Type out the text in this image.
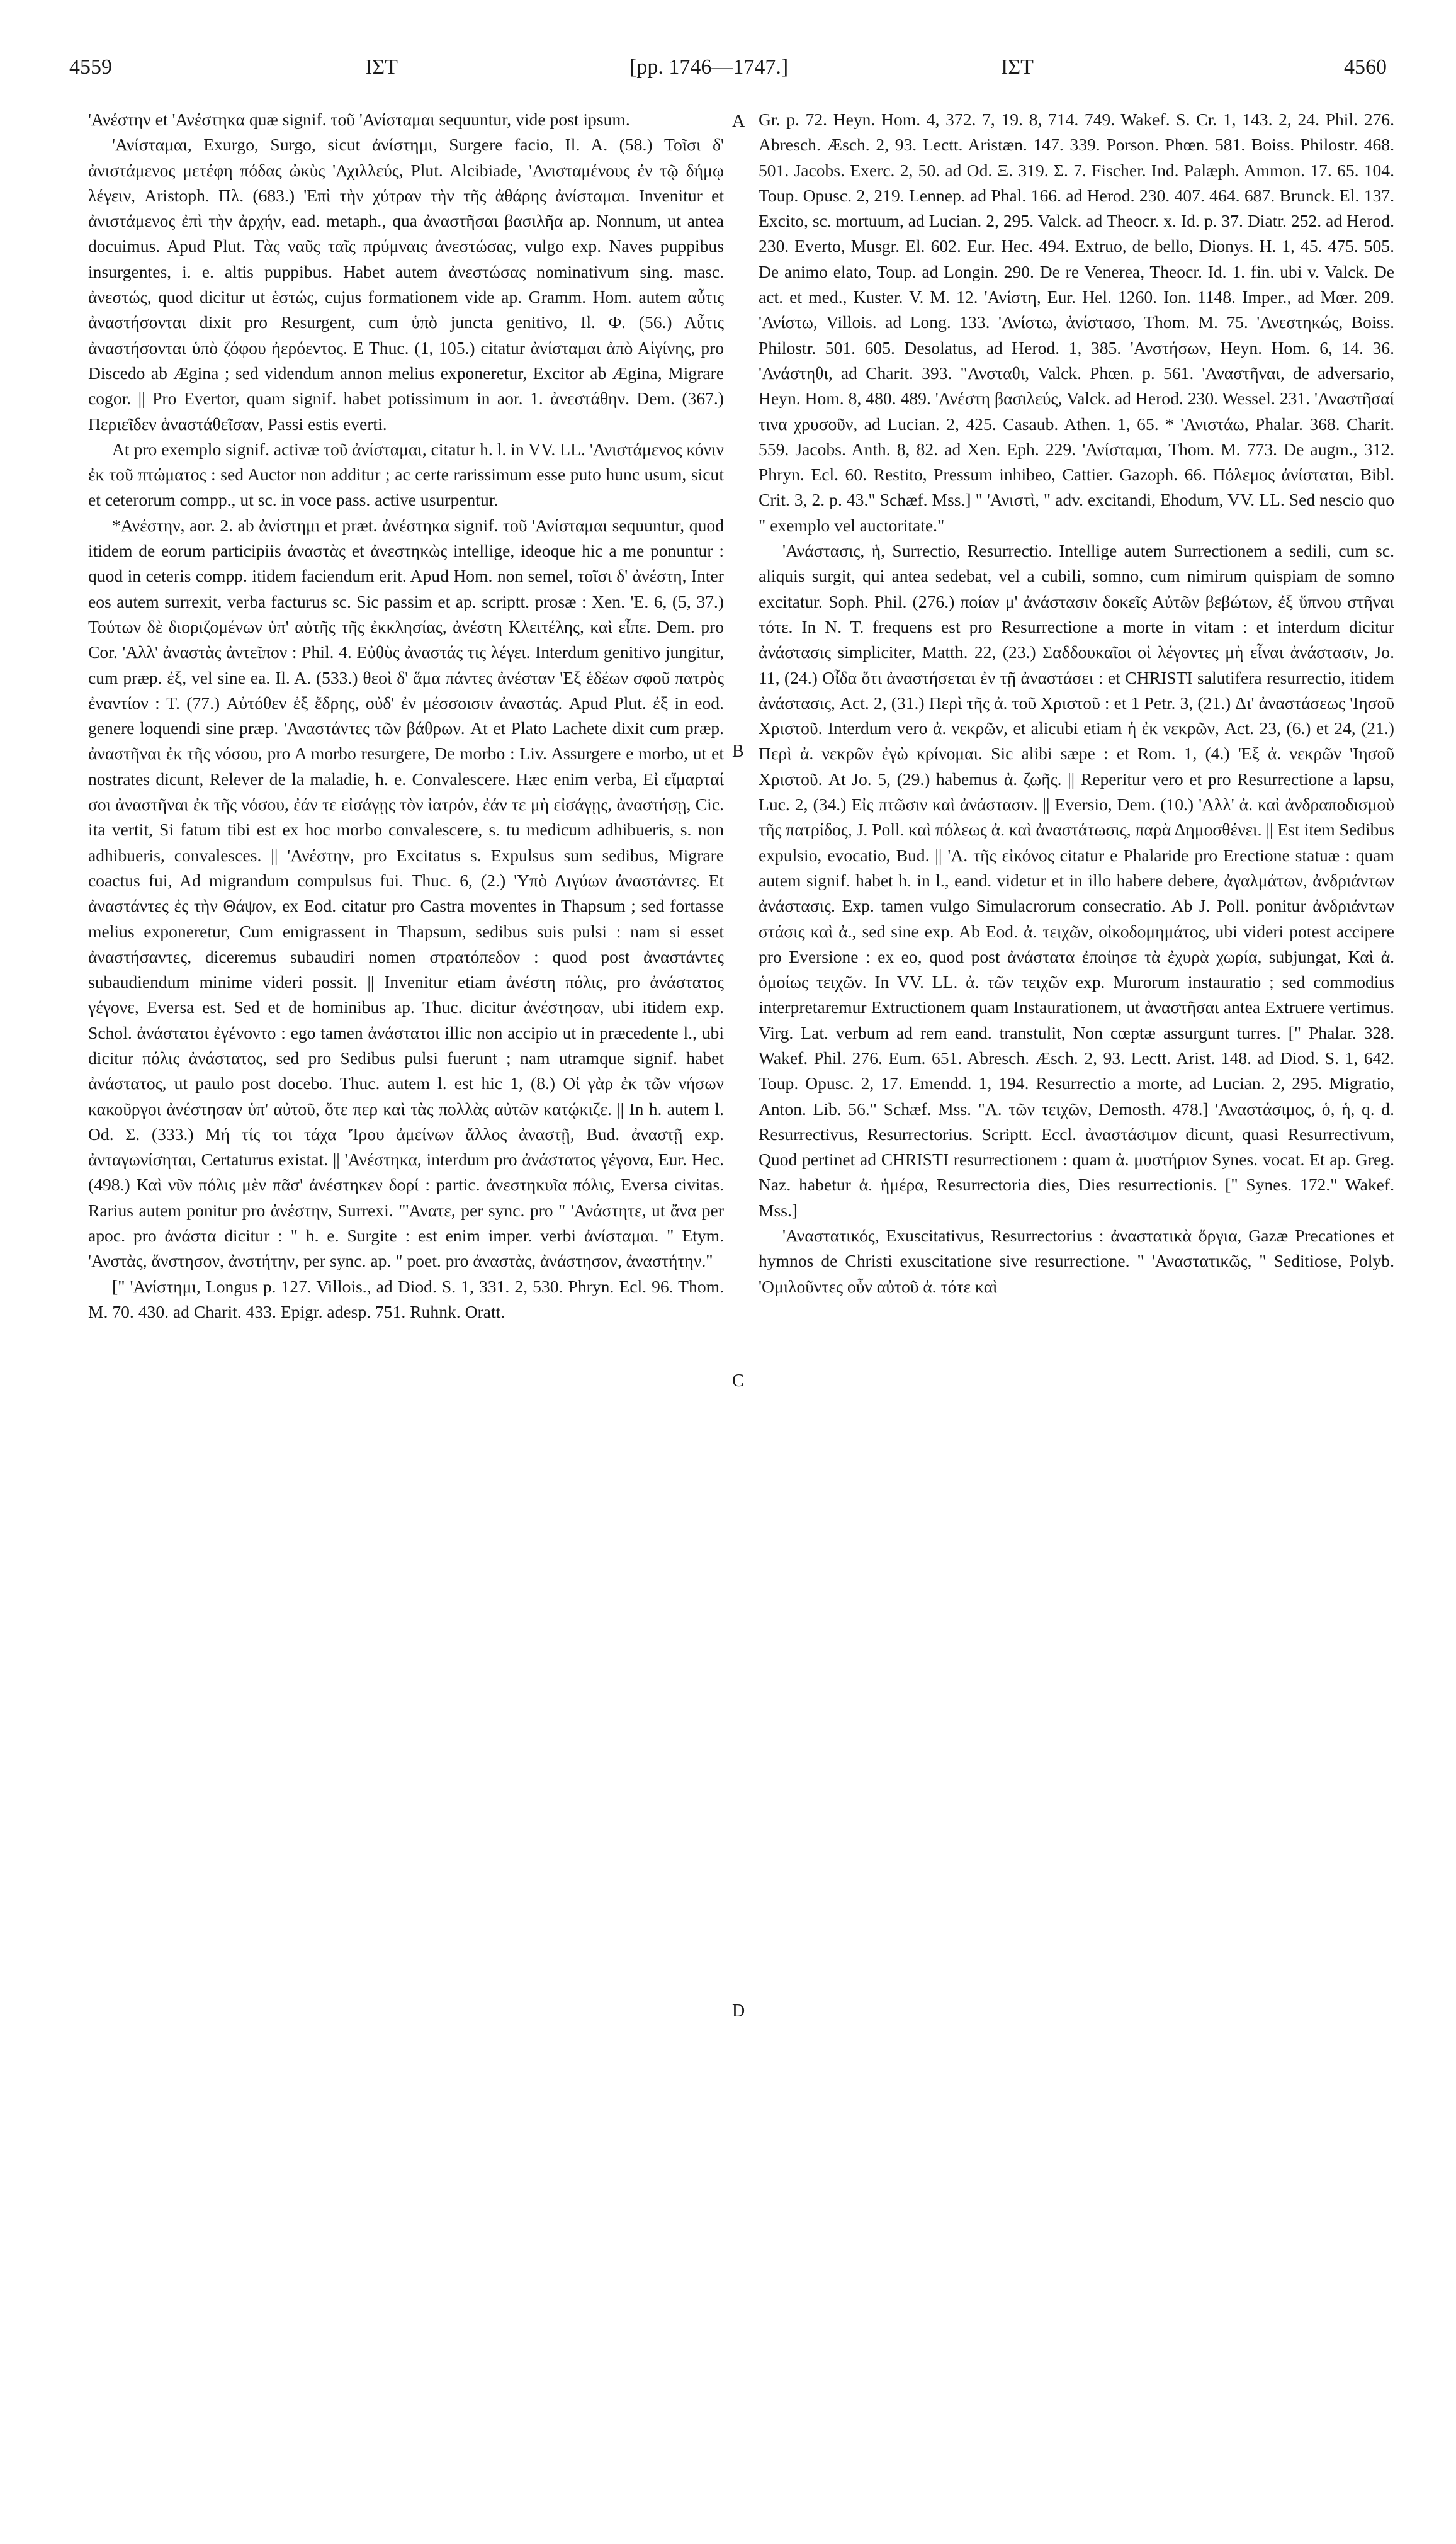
4559	ΙΣΤ	[pp. 1746—1747.]	ΙΣΤ	4560

'Ανέστην et 'Ανέστηκα quæ signif. τοῦ 'Ανίσταμαι sequuntur, vide post ipsum.

'Ανίσταμαι, Exurgo, Surgo, sicut ἀνίστημι, Surgere facio, Il. A. (58.) Τοῖσι δ' ἀνιστάμενος μετέφη πόδας ὠκὺς 'Αχιλλεύς, Plut. Alcibiade, 'Ανισταμένους ἐν τῷ δήμῳ λέγειν, Aristoph. Πλ. (683.) 'Επὶ τὴν χύτραν τὴν τῆς ἀθάρης ἀνίσταμαι. Invenitur et ἀνιστάμενος ἐπὶ τὴν ἀρχήν, ead. metaph., qua ἀναστῆσαι βασιλῆα ap. Nonnum, ut antea docuimus. Apud Plut. Τὰς ναῦς ταῖς πρύμναις ἀνεστώσας, vulgo exp. Naves puppibus insurgentes, i. e. altis puppibus. Habet autem ἀνεστώσας nominativum sing. masc. ἀνεστώς, quod dicitur ut ἑστώς, cujus formationem vide ap. Gramm. Hom. autem αὖτις ἀναστήσονται dixit pro Resurgent, cum ὑπὸ juncta genitivo, Il. Φ. (56.) Αὖτις ἀναστήσονται ὑπὸ ζόφου ἠερόεντος. E Thuc. (1, 105.) citatur ἀνίσταμαι ἀπὸ Αἰγίνης, pro Discedo ab Ægina ; sed videndum annon melius exponeretur, Excitor ab Ægina, Migrare cogor. || Pro Evertor, quam signif. habet potissimum in aor. 1. ἀνεστάθην. Dem. (367.) Περιεῖδεν ἀναστάθεῖσαν, Passi estis everti.

At pro exemplo signif. activæ τοῦ ἀνίσταμαι, citatur h. l. in VV. LL. 'Ανιστάμενος κόνιν ἐκ τοῦ πτώματος : sed Auctor non additur ; ac certe rarissimum esse puto hunc usum, sicut et ceterorum compp., ut sc. in voce pass. active usurpentur.

*Ανέστην, aor. 2. ab ἀνίστημι et præt. ἀνέστηκα signif. τοῦ 'Ανίσταμαι sequuntur, quod itidem de eorum participiis ἀναστὰς et ἀνεστηκὼς intellige, ideoque hic a me ponuntur : quod in ceteris compp. itidem faciendum erit. Apud Hom. non semel, τοῖσι δ' ἀνέστη, Inter eos autem surrexit, verba facturus sc. Sic passim et ap. scriptt. prosæ : Xen. 'E. 6, (5, 37.) Τούτων δὲ διοριζομένων ὑπ' αὐτῆς τῆς ἐκκλησίας, ἀνέστη Κλειτέλης, καὶ εἶπε. Dem. pro Cor. 'Αλλ' ἀναστὰς ἀντεῖπον : Phil. 4. Εὐθὺς ἀναστάς τις λέγει. Interdum genitivo jungitur, cum præp. ἐξ, vel sine ea. Il. A. (533.) θεοὶ δ' ἅμα πάντες ἀνέσταν 'Εξ ἑδέων σφοῦ πατρὸς ἐναντίον : T. (77.) Αὐτόθεν ἐξ ἕδρης, οὐδ' ἐν μέσσοισιν ἀναστάς. Apud Plut. ἐξ in eod. genere loquendi sine præp. 'Αναστάντες τῶν βάθρων. At et Plato Lachete dixit cum præp. ἀναστῆναι ἐκ τῆς νόσου, pro A morbo resurgere, De morbo : Liv. Assurgere e morbo, ut et nostrates dicunt, Relever de la maladie, h. e. Convalescere. Hæc enim verba, Εἰ εἵμαρταί σοι ἀναστῆναι ἐκ τῆς νόσου, ἐάν τε εἰσάγῃς τὸν ἰατρόν, ἐάν τε μὴ εἰσάγῃς, ἀναστήσῃ, Cic. ita vertit, Si fatum tibi est ex hoc morbo convalescere, s. tu medicum adhibueris, s. non adhibueris, convalesces. || 'Ανέστην, pro Excitatus s. Expulsus sum sedibus, Migrare coactus fui, Ad migrandum compulsus fui. Thuc. 6, (2.) 'Υπὸ Λιγύων ἀναστάντες. Et ἀναστάντες ἐς τὴν Θάψον, ex Eod. citatur pro Castra moventes in Thapsum ; sed fortasse melius exponeretur, Cum emigrassent in Thapsum, sedibus suis pulsi : nam si esset ἀναστήσαντες, diceremus subaudiri nomen στρατόπεδον : quod post ἀναστάντες subaudiendum minime videri possit. || Invenitur etiam ἀνέστη πόλις, pro ἀνάστατος γέγονε, Eversa est. Sed et de hominibus ap. Thuc. dicitur ἀνέστησαν, ubi itidem exp. Schol. ἀνάστατοι ἐγένοντο : ego tamen ἀνάστατοι illic non accipio ut in præcedente l., ubi dicitur πόλις ἀνάστατος, sed pro Sedibus pulsi fuerunt ; nam utramque signif. habet ἀνάστατος, ut paulo post docebo. Thuc. autem l. est hic 1, (8.) Οἱ γὰρ ἐκ τῶν νήσων κακοῦργοι ἀνέστησαν ὑπ' αὐτοῦ, ὅτε περ καὶ τὰς πολλὰς αὐτῶν κατῴκιζε. || In h. autem l. Od. Σ. (333.) Μή τίς τοι τάχα 'Ίρου ἀμείνων ἄλλος ἀναστῇ, Bud. ἀναστῇ exp. ἀνταγωνίσηται, Certaturus existat. || 'Ανέστηκα, interdum pro ἀνάστατος γέγονα, Eur. Hec. (498.) Καὶ νῦν πόλις μὲν πᾶσ' ἀνέστηκεν δορί : partic. ἀνεστηκυῖα πόλις, Eversa civitas. Rarius autem ponitur pro ἀνέστην, Surrexi. "'Ανατε, per sync. pro " 'Ανάστητε, ut ἄνα per apoc. pro ἀνάστα dicitur : " h. e. Surgite : est enim imper. verbi ἀνίσταμαι. " Etym. 'Ανστὰς, ἄνστησον, ἀνστήτην, per sync. ap. " poet. pro ἀναστὰς, ἀνάστησον, ἀναστήτην."

[" 'Ανίστημι, Longus p. 127. Villois., ad Diod. S. 1, 331. 2, 530. Phryn. Ecl. 96. Thom. M. 70. 430. ad Charit. 433. Epigr. adesp. 751. Ruhnk. Oratt.

A
B
C
D

Gr. p. 72. Heyn. Hom. 4, 372. 7, 19. 8, 714. 749. Wakef. S. Cr. 1, 143. 2, 24. Phil. 276. Abresch. Æsch. 2, 93. Lectt. Aristæn. 147. 339. Porson. Phœn. 581. Boiss. Philostr. 468. 501. Jacobs. Exerc. 2, 50. ad Od. Ξ. 319. Σ. 7. Fischer. Ind. Palæph. Ammon. 17. 65. 104. Toup. Opusc. 2, 219. Lennep. ad Phal. 166. ad Herod. 230. 407. 464. 687. Brunck. El. 137. Excito, sc. mortuum, ad Lucian. 2, 295. Valck. ad Theocr. x. Id. p. 37. Diatr. 252. ad Herod. 230. Everto, Musgr. El. 602. Eur. Hec. 494. Extruo, de bello, Dionys. H. 1, 45. 475. 505. De animo elato, Toup. ad Longin. 290. De re Venerea, Theocr. Id. 1. fin. ubi v. Valck. De act. et med., Kuster. V. M. 12. 'Ανίστη, Eur. Hel. 1260. Ion. 1148. Imper., ad Mœr. 209. 'Ανίστω, Villois. ad Long. 133. 'Ανίστω, ἀνίστασο, Thom. M. 75. 'Ανεστηκώς, Boiss. Philostr. 501. 605. Desolatus, ad Herod. 1, 385. 'Ανστήσων, Heyn. Hom. 6, 14. 36. 'Ανάστηθι, ad Charit. 393. "Ανσταθι, Valck. Phœn. p. 561. 'Αναστῆναι, de adversario, Heyn. Hom. 8, 480. 489. 'Ανέστη βασιλεύς, Valck. ad Herod. 230. Wessel. 231. 'Αναστῆσαί τινα χρυσοῦν, ad Lucian. 2, 425. Casaub. Athen. 1, 65. * 'Ανιστάω, Phalar. 368. Charit. 559. Jacobs. Anth. 8, 82. ad Xen. Eph. 229. 'Ανίσταμαι, Thom. M. 773. De augm., 312. Phryn. Ecl. 60. Restito, Pressum inhibeo, Cattier. Gazoph. 66. Πόλεμος ἀνίσταται, Bibl. Crit. 3, 2. p. 43." Schæf. Mss.] " 'Ανιστὶ, " adv. excitandi, Ehodum, VV. LL. Sed nescio quo " exemplo vel auctoritate."

'Ανάστασις, ἡ, Surrectio, Resurrectio. Intellige autem Surrectionem a sedili, cum sc. aliquis surgit, qui antea sedebat, vel a cubili, somno, cum nimirum quispiam de somno excitatur. Soph. Phil. (276.) ποίαν μ' ἀνάστασιν δοκεῖς Αὐτῶν βεβώτων, ἐξ ὕπνου στῆναι τότε. In N. T. frequens est pro Resurrectione a morte in vitam : et interdum dicitur ἀνάστασις simpliciter, Matth. 22, (23.) Σαδδουκαῖοι οἱ λέγοντες μὴ εἶναι ἀνάστασιν, Jo. 11, (24.) Οἶδα ὅτι ἀναστήσεται ἐν τῇ ἀναστάσει : et CHRISTI salutifera resurrectio, itidem ἀνάστασις, Act. 2, (31.) Περὶ τῆς ἀ. τοῦ Χριστοῦ : et 1 Petr. 3, (21.) Δι' ἀναστάσεως 'Ιησοῦ Χριστοῦ. Interdum vero ἀ. νεκρῶν, et alicubi etiam ἡ ἐκ νεκρῶν, Act. 23, (6.) et 24, (21.) Περὶ ἀ. νεκρῶν ἐγὼ κρίνομαι. Sic alibi sæpe : et Rom. 1, (4.) 'Εξ ἀ. νεκρῶν 'Ιησοῦ Χριστοῦ. At Jo. 5, (29.) habemus ἀ. ζωῆς. || Reperitur vero et pro Resurrectione a lapsu, Luc. 2, (34.) Εἰς πτῶσιν καὶ ἀνάστασιν. || Eversio, Dem. (10.) 'Αλλ' ἀ. καὶ ἀνδραποδισμοὺ τῆς πατρίδος, J. Poll. καὶ πόλεως ἀ. καὶ ἀναστάτωσις, παρὰ Δημοσθένει. || Est item Sedibus expulsio, evocatio, Bud. || 'Α. τῆς εἰκόνος citatur e Phalaride pro Erectione statuæ : quam autem signif. habet h. in l., eand. videtur et in illo habere debere, ἀγαλμάτων, ἀνδριάντων ἀνάστασις. Exp. tamen vulgo Simulacrorum consecratio. Ab J. Poll. ponitur ἀνδριάντων στάσις καὶ ἀ., sed sine exp. Ab Eod. ἀ. τειχῶν, οἰκοδομημάτος, ubi videri potest accipere pro Eversione : ex eo, quod post ἀνάστατα ἐποίησε τὰ ἐχυρὰ χωρία, subjungat, Καὶ ἀ. ὁμοίως τειχῶν. In VV. LL. ἀ. τῶν τειχῶν exp. Murorum instauratio ; sed commodius interpretaremur Extructionem quam Instaurationem, ut ἀναστῆσαι antea Extruere vertimus. Virg. Lat. verbum ad rem eand. transtulit, Non cœptæ assurgunt turres. [" Phalar. 328. Wakef. Phil. 276. Eum. 651. Abresch. Æsch. 2, 93. Lectt. Arist. 148. ad Diod. S. 1, 642. Toup. Opusc. 2, 17. Emendd. 1, 194. Resurrectio a morte, ad Lucian. 2, 295. Migratio, Anton. Lib. 56." Schæf. Mss. "Α. τῶν τειχῶν, Demosth. 478.] 'Αναστάσιμος, ὁ, ἡ, q. d. Resurrectivus, Resurrectorius. Scriptt. Eccl. ἀναστάσιμον dicunt, quasi Resurrectivum, Quod pertinet ad CHRISTI resurrectionem : quam ἀ. μυστήριον Synes. vocat. Et ap. Greg. Naz. habetur ἀ. ἡμέρα, Resurrectoria dies, Dies resurrectionis. [" Synes. 172." Wakef. Mss.]

'Αναστατικός, Exuscitativus, Resurrectorius : ἀναστατικὰ ὄργια, Gazæ Precationes et hymnos de Christi exuscitatione sive resurrectione. " 'Αναστατικῶς, " Seditiose, Polyb. 'Ομιλοῦντες οὖν αὐτοῦ ἀ. τότε καὶ
